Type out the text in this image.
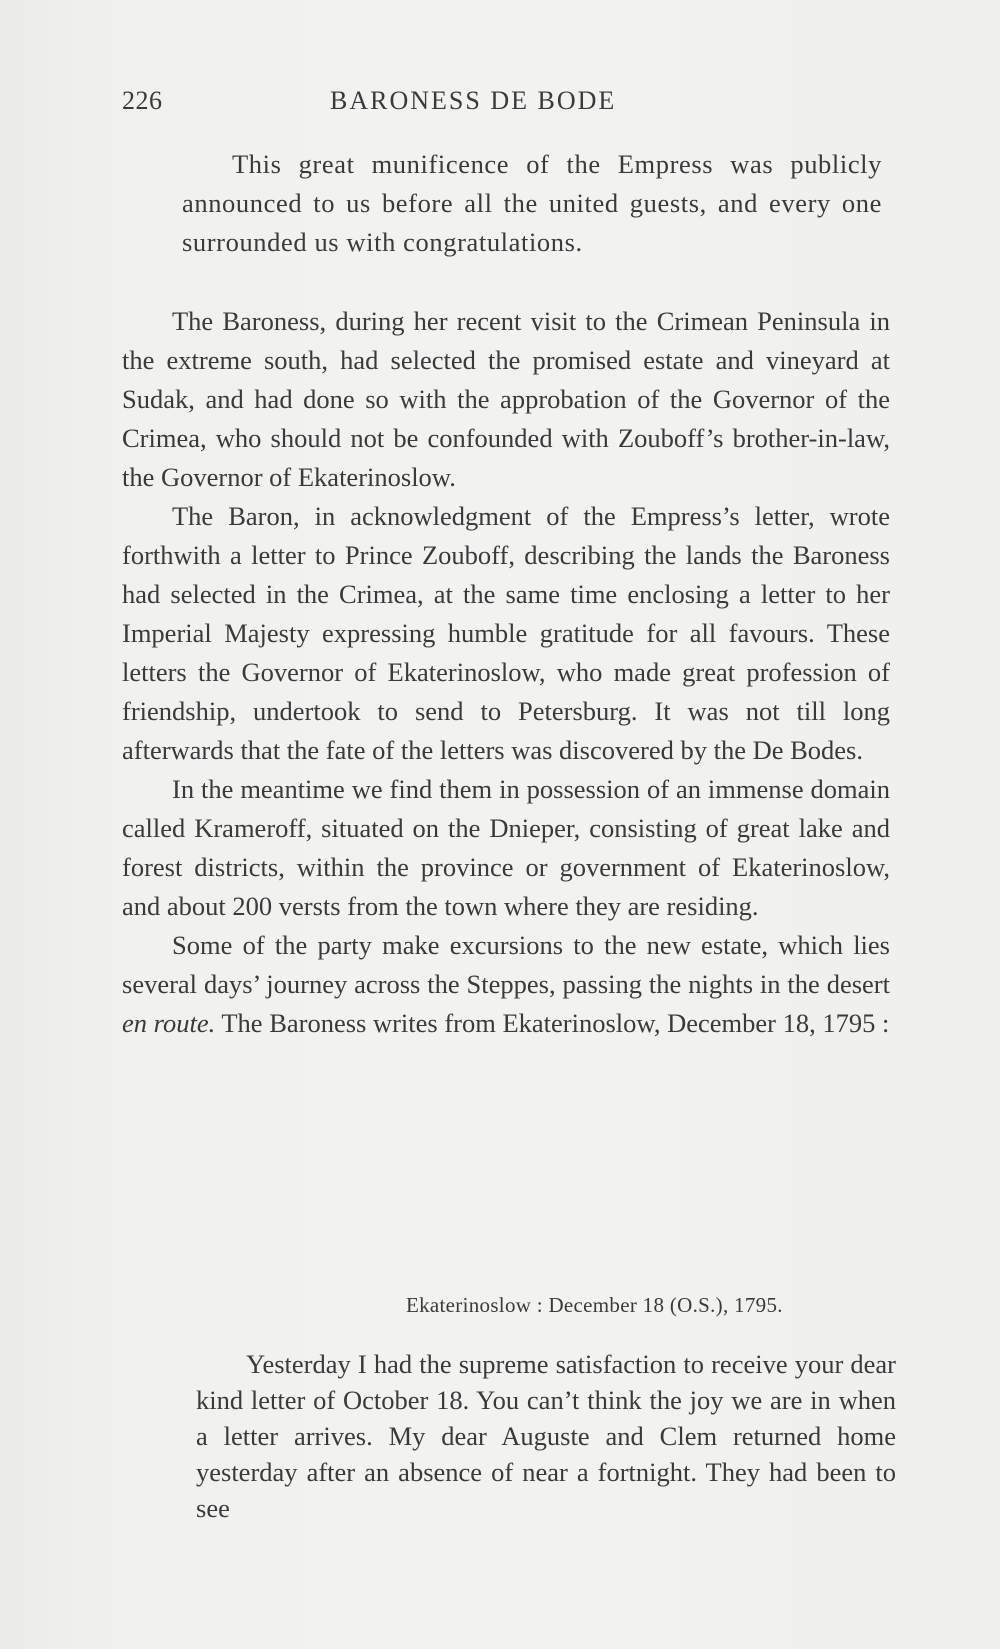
226	BARONESS DE BODE

This great munificence of the Empress was publicly announced to us before all the united guests, and every one surrounded us with congratulations.

The Baroness, during her recent visit to the Crimean Peninsula in the extreme south, had selected the promised estate and vineyard at Sudak, and had done so with the approbation of the Governor of the Crimea, who should not be confounded with Zouboff’s brother-in-law, the Governor of Ekaterinoslow.

The Baron, in acknowledgment of the Empress’s letter, wrote forthwith a letter to Prince Zouboff, describing the lands the Baroness had selected in the Crimea, at the same time enclosing a letter to her Imperial Majesty expressing humble gratitude for all favours. These letters the Governor of Ekaterinoslow, who made great profession of friendship, undertook to send to Petersburg. It was not till long afterwards that the fate of the letters was discovered by the De Bodes.

In the meantime we find them in possession of an immense domain called Krameroff, situated on the Dnieper, consisting of great lake and forest districts, within the province or government of Ekaterinoslow, and about 200 versts from the town where they are residing.

Some of the party make excursions to the new estate, which lies several days’ journey across the Steppes, passing the nights in the desert en route. The Baroness writes from Ekaterinoslow, December 18, 1795 :

Ekaterinoslow : December 18 (O.S.), 1795.

Yesterday I had the supreme satisfaction to receive your dear kind letter of October 18. You can’t think the joy we are in when a letter arrives. My dear Auguste and Clem returned home yesterday after an absence of near a fortnight. They had been to see
